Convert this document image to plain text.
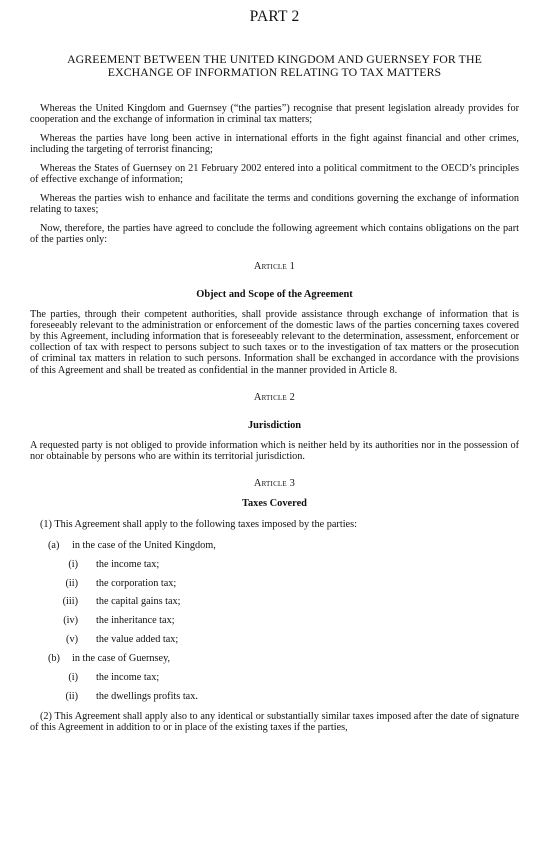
PART 2
AGREEMENT BETWEEN THE UNITED KINGDOM AND GUERNSEY FOR THE
EXCHANGE OF INFORMATION RELATING TO TAX MATTERS

Whereas the United Kingdom and Guernsey (“the parties”) recognise that present legislation already provides for cooperation and the exchange of information in criminal tax matters;

Whereas the parties have long been active in international efforts in the fight against financial and other crimes, including the targeting of terrorist financing;

Whereas the States of Guernsey on 21 February 2002 entered into a political commitment to the OECD’s principles of effective exchange of information;

Whereas the parties wish to enhance and facilitate the terms and conditions governing the exchange of information relating to taxes;

Now, therefore, the parties have agreed to conclude the following agreement which contains obligations on the part of the parties only:

Article 1
Object and Scope of the Agreement

The parties, through their competent authorities, shall provide assistance through exchange of information that is foreseeably relevant to the administration or enforcement of the domestic laws of the parties concerning taxes covered by this Agreement, including information that is foreseeably relevant to the determination, assessment, enforcement or collection of tax with respect to persons subject to such taxes or to the investigation of tax matters or the prosecution of criminal tax matters in relation to such persons. Information shall be exchanged in accordance with the provisions of this Agreement and shall be treated as confidential in the manner provided in Article 8.

Article 2
Jurisdiction

A requested party is not obliged to provide information which is neither held by its authorities nor in the possession of nor obtainable by persons who are within its territorial jurisdiction.

Article 3
Taxes Covered
(1) This Agreement shall apply to the following taxes imposed by the parties:
(a) in the case of the United Kingdom,
(i) the income tax;
(ii) the corporation tax;
(iii) the capital gains tax;
(iv) the inheritance tax;
(v) the value added tax;
(b) in the case of Guernsey,
(i) the income tax;
(ii) the dwellings profits tax.

(2) This Agreement shall apply also to any identical or substantially similar taxes imposed after the date of signature of this Agreement in addition to or in place of the existing taxes if the parties,
